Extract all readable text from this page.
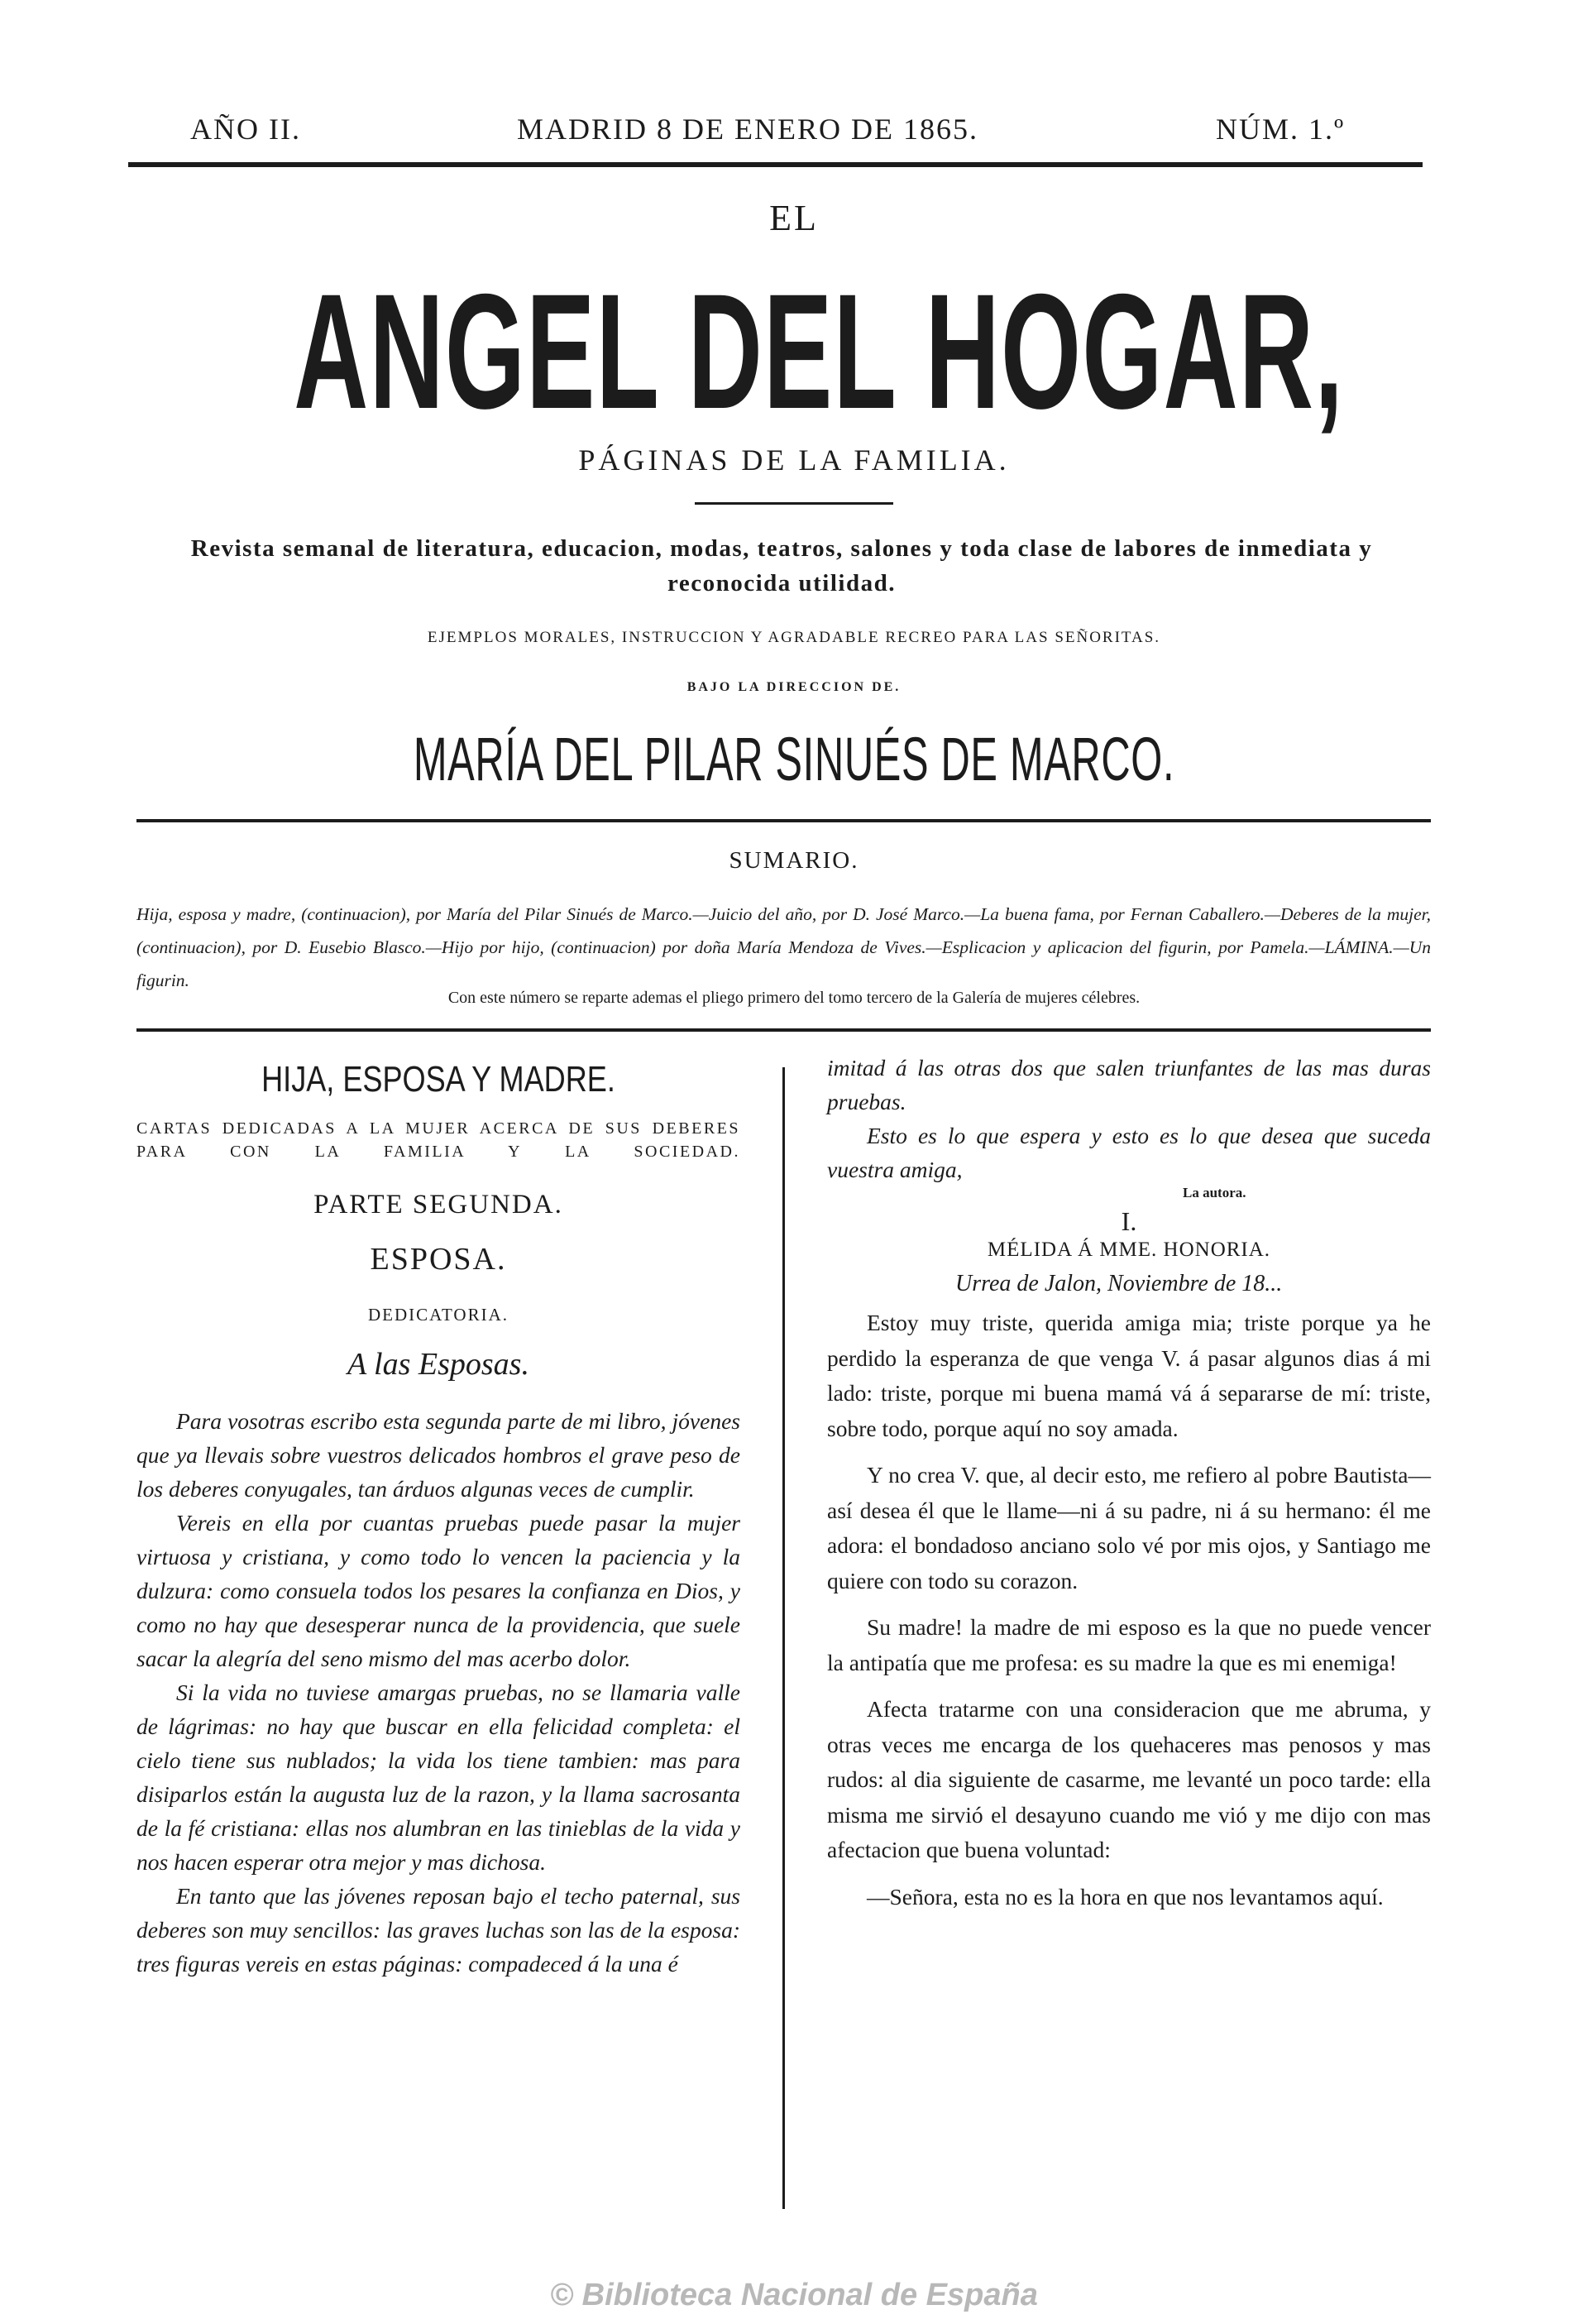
AÑO II.	MADRID 8 DE ENERO DE 1865.	NÚM. 1.º
EL
ANGEL DEL HOGAR,
PÁGINAS DE LA FAMILIA.
Revista semanal de literatura, educacion, modas, teatros, salones y toda clase de labores de inmediata y reconocida utilidad.
EJEMPLOS MORALES, INSTRUCCION Y AGRADABLE RECREO PARA LAS SEÑORITAS.
BAJO LA DIRECCION DE.
MARÍA DEL PILAR SINUÉS DE MARCO.
SUMARIO.
Hija, esposa y madre, (continuacion), por María del Pilar Sinués de Marco.—Juicio del año, por D. José Marco.—La buena fama, por Fernan Caballero.—Deberes de la mujer, (continuacion), por D. Eusebio Blasco.—Hijo por hijo, (continuacion) por doña María Mendoza de Vives.—Esplicacion y aplicacion del figurin, por Pamela.—LÁMINA.—Un figurin.
Con este número se reparte ademas el pliego primero del tomo tercero de la Galería de mujeres célebres.
HIJA, ESPOSA Y MADRE.
CARTAS DEDICADAS A LA MUJER ACERCA DE SUS DEBERES PARA CON LA FAMILIA Y LA SOCIEDAD.
PARTE SEGUNDA.
ESPOSA.
DEDICATORIA.
A las Esposas.

Para vosotras escribo esta segunda parte de mi libro, jóvenes que ya llevais sobre vuestros delicados hombros el grave peso de los deberes conyugales, tan árduos algunas veces de cumplir.

Vereis en ella por cuantas pruebas puede pasar la mujer virtuosa y cristiana, y como todo lo vencen la paciencia y la dulzura: como consuela todos los pesares la confianza en Dios, y como no hay que desesperar nunca de la providencia, que suele sacar la alegría del seno mismo del mas acerbo dolor.

Si la vida no tuviese amargas pruebas, no se llamaria valle de lágrimas: no hay que buscar en ella felicidad completa: el cielo tiene sus nublados; la vida los tiene tambien: mas para disiparlos están la augusta luz de la razon, y la llama sacrosanta de la fé cristiana: ellas nos alumbran en las tinieblas de la vida y nos hacen esperar otra mejor y mas dichosa.

En tanto que las jóvenes reposan bajo el techo paternal, sus deberes son muy sencillos: las graves luchas son las de la esposa: tres figuras vereis en estas páginas: compadeced á la una é

imitad á las otras dos que salen triunfantes de las mas duras pruebas.

Esto es lo que espera y esto es lo que desea que suceda vuestra amiga,

La autora.
I.
MÉLIDA Á MME. HONORIA.
Urrea de Jalon, Noviembre de 18...

Estoy muy triste, querida amiga mia; triste porque ya he perdido la esperanza de que venga V. á pasar algunos dias á mi lado: triste, porque mi buena mamá vá á separarse de mí: triste, sobre todo, porque aquí no soy amada.

Y no crea V. que, al decir esto, me refiero al pobre Bautista—así desea él que le llame—ni á su padre, ni á su hermano: él me adora: el bondadoso anciano solo vé por mis ojos, y Santiago me quiere con todo su corazon.

Su madre! la madre de mi esposo es la que no puede vencer la antipatía que me profesa: es su madre la que es mi enemiga!

Afecta tratarme con una consideracion que me abruma, y otras veces me encarga de los quehaceres mas penosos y mas rudos: al dia siguiente de casarme, me levanté un poco tarde: ella misma me sirvió el desayuno cuando me vió y me dijo con mas afectacion que buena voluntad:

—Señora, esta no es la hora en que nos levantamos aquí.

© Biblioteca Nacional de España
